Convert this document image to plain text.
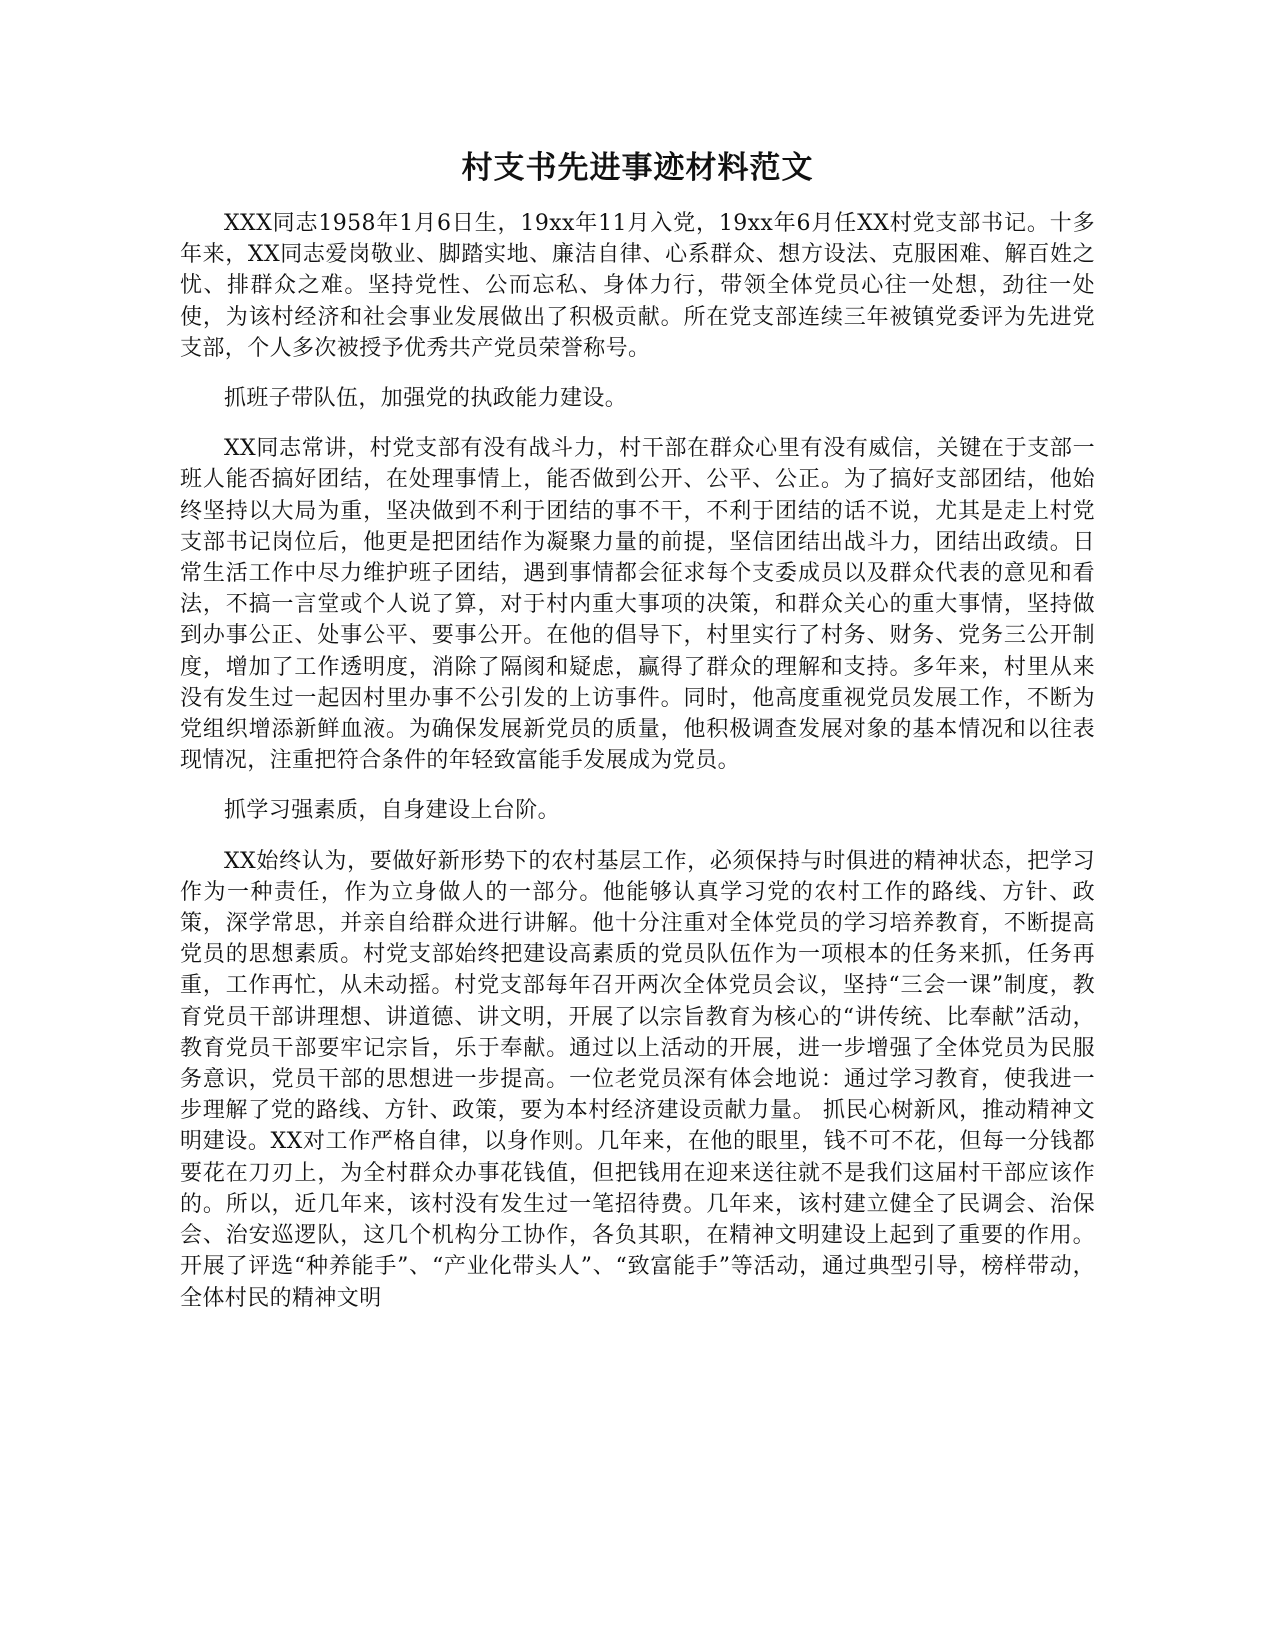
村支书先进事迹材料范文

XXX同志1958年1月6日生，19xx年11月入党，19xx年6月任XX村党支部书记。十多年来，XX同志爱岗敬业、脚踏实地、廉洁自律、心系群众、想方设法、克服困难、解百姓之忧、排群众之难。坚持党性、公而忘私、身体力行，带领全体党员心往一处想，劲往一处使，为该村经济和社会事业发展做出了积极贡献。所在党支部连续三年被镇党委评为先进党支部，个人多次被授予优秀共产党员荣誉称号。

抓班子带队伍，加强党的执政能力建设。

XX同志常讲，村党支部有没有战斗力，村干部在群众心里有没有威信，关键在于支部一班人能否搞好团结，在处理事情上，能否做到公开、公平、公正。为了搞好支部团结，他始终坚持以大局为重，坚决做到不利于团结的事不干，不利于团结的话不说，尤其是走上村党支部书记岗位后，他更是把团结作为凝聚力量的前提，坚信团结出战斗力，团结出政绩。日常生活工作中尽力维护班子团结，遇到事情都会征求每个支委成员以及群众代表的意见和看法，不搞一言堂或个人说了算，对于村内重大事项的决策，和群众关心的重大事情，坚持做到办事公正、处事公平、要事公开。在他的倡导下，村里实行了村务、财务、党务三公开制度，增加了工作透明度，消除了隔阂和疑虑，赢得了群众的理解和支持。多年来，村里从来没有发生过一起因村里办事不公引发的上访事件。同时，他高度重视党员发展工作，不断为党组织增添新鲜血液。为确保发展新党员的质量，他积极调查发展对象的基本情况和以往表现情况，注重把符合条件的年轻致富能手发展成为党员。

抓学习强素质，自身建设上台阶。

XX始终认为，要做好新形势下的农村基层工作，必须保持与时俱进的精神状态，把学习作为一种责任，作为立身做人的一部分。他能够认真学习党的农村工作的路线、方针、政策，深学常思，并亲自给群众进行讲解。他十分注重对全体党员的学习培养教育，不断提高党员的思想素质。村党支部始终把建设高素质的党员队伍作为一项根本的任务来抓，任务再重，工作再忙，从未动摇。村党支部每年召开两次全体党员会议，坚持“三会一课”制度，教育党员干部讲理想、讲道德、讲文明，开展了以宗旨教育为核心的“讲传统、比奉献”活动，教育党员干部要牢记宗旨，乐于奉献。通过以上活动的开展，进一步增强了全体党员为民服务意识，党员干部的思想进一步提高。一位老党员深有体会地说：通过学习教育，使我进一步理解了党的路线、方针、政策，要为本村经济建设贡献力量。 抓民心树新风，推动精神文明建设。XX对工作严格自律，以身作则。几年来，在他的眼里，钱不可不花，但每一分钱都要花在刀刃上，为全村群众办事花钱值，但把钱用在迎来送往就不是我们这届村干部应该作的。所以，近几年来，该村没有发生过一笔招待费。几年来，该村建立健全了民调会、治保会、治安巡逻队，这几个机构分工协作，各负其职，在精神文明建设上起到了重要的作用。开展了评选“种养能手”、“产业化带头人”、“致富能手”等活动，通过典型引导，榜样带动，全体村民的精神文明
